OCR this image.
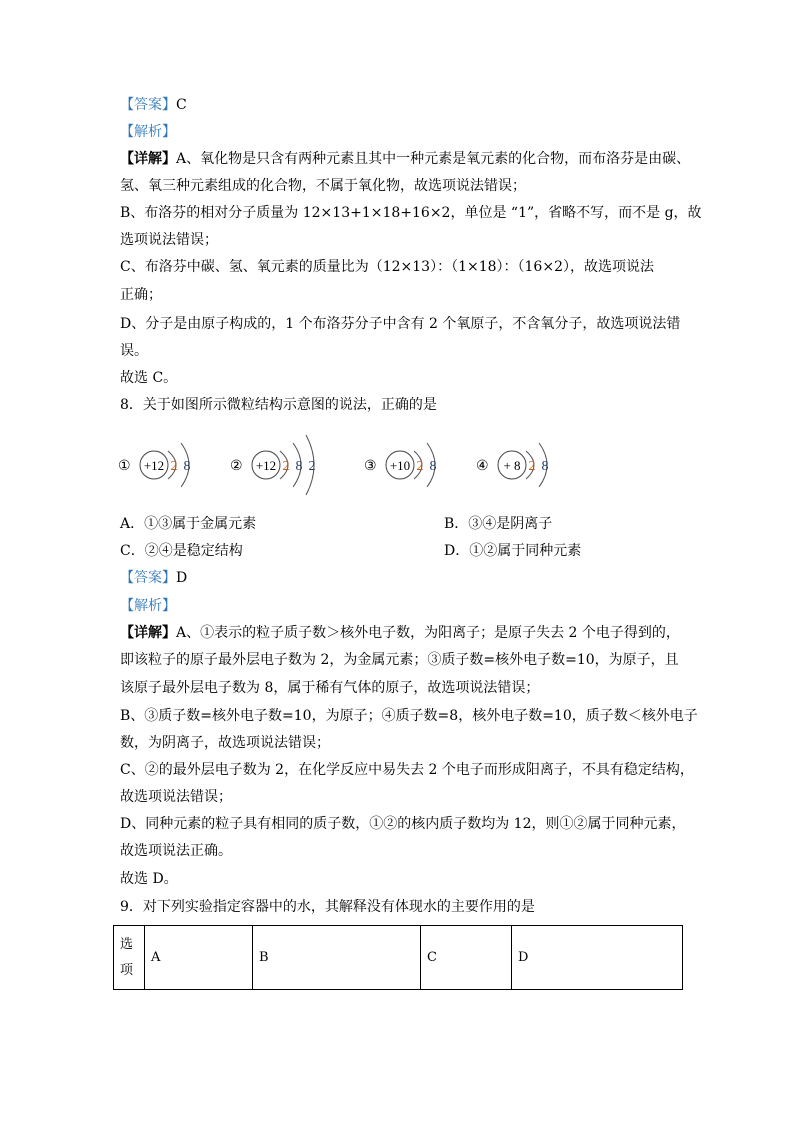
【答案】C
【解析】
【详解】A、氧化物是只含有两种元素且其中一种元素是氧元素的化合物，而布洛芬是由碳、
氢、氧三种元素组成的化合物，不属于氧化物，故选项说法错误；
B、布洛芬的相对分子质量为 12×13+1×18+16×2，单位是 “1”，省略不写，而不是 g，故
选项说法错误；
C、布洛芬中碳、氢、氧元素的质量比为（12×13）：（1×18）：（16×2），故选项说法
正确；
D、分子是由原子构成的，1 个布洛芬分子中含有 2 个氧原子，不含氧分子，故选项说法错
误。
故选 C。
8．关于如图所示微粒结构示意图的说法，正确的是
① +12 2 8	② +12 2 8 2	③ +10 2 8	④ + 8 2 8
A．①③属于金属元素	B．③④是阴离子
C．②④是稳定结构	D．①②属于同种元素
【答案】D
【解析】
【详解】A、①表示的粒子质子数＞核外电子数，为阳离子；是原子失去 2 个电子得到的，
即该粒子的原子最外层电子数为 2，为金属元素；③质子数=核外电子数=10，为原子，且
该原子最外层电子数为 8，属于稀有气体的原子，故选项说法错误；
B、③质子数=核外电子数=10，为原子；④质子数=8，核外电子数=10，质子数＜核外电子
数，为阴离子，故选项说法错误；
C、②的最外层电子数为 2，在化学反应中易失去 2 个电子而形成阳离子，不具有稳定结构，
故选项说法错误；
D、同种元素的粒子具有相同的质子数，①②的核内质子数均为 12，则①②属于同种元素，
故选项说法正确。
故选 D。
9．对下列实验指定容器中的水，其解释没有体现水的主要作用的是
选
项	A	B	C	D
